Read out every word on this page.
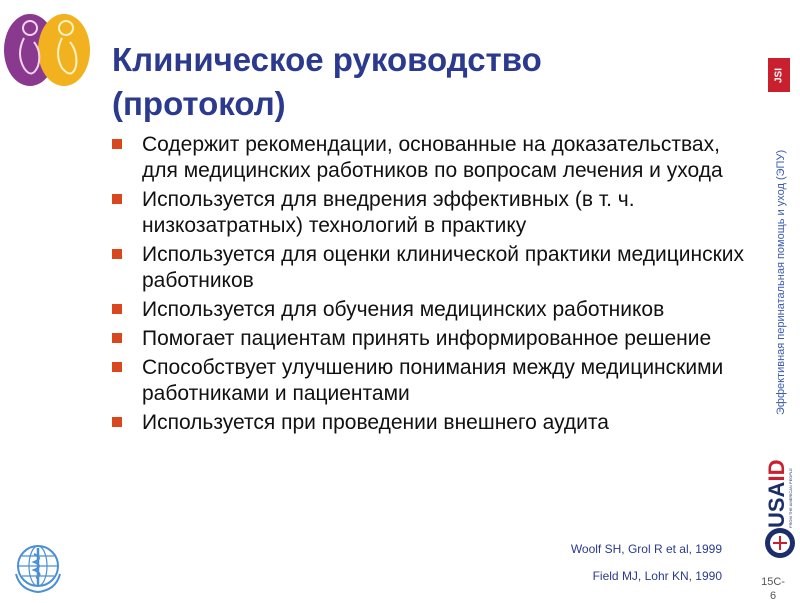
Клиническое руководство (протокол)
Содержит рекомендации, основанные на доказательствах, для медицинских работников по вопросам лечения и ухода
Используется для внедрения эффективных (в т. ч. низкозатратных) технологий в практику
Используется для оценки клинической практики медицинских работников
Используется для обучения медицинских работников
Помогает пациентам принять информированное решение
Способствует улучшению понимания между медицинскими работниками и пациентами
Используется при проведении внешнего аудита
Woolf SH, Grol R et al, 1999
Field MJ, Lohr KN, 1990	15C-6
Эффективная перинатальная помощь и уход (ЭПУ)
JSI
USAID FROM THE AMERICAN PEOPLE
